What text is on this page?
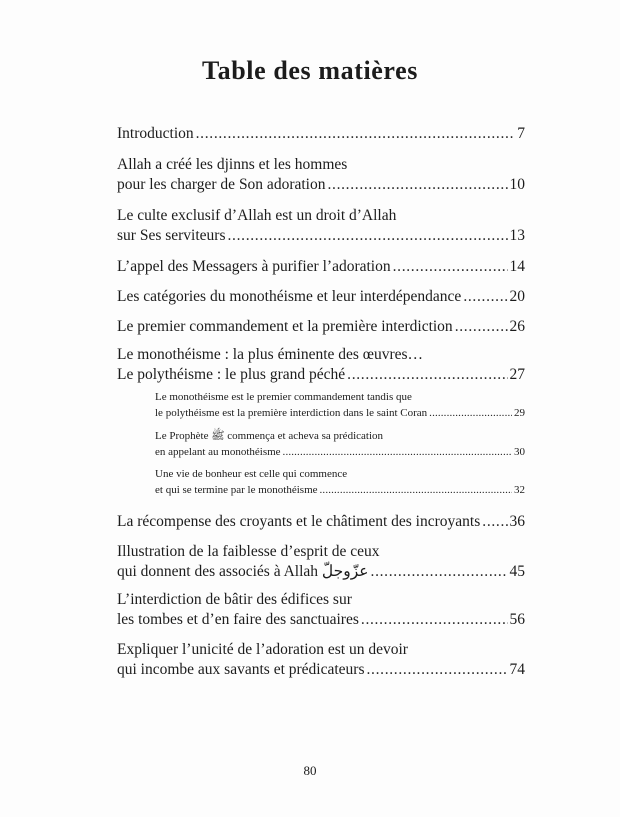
Table des matières
Introduction . . .	7
Allah a créé les djinns et les hommes
pour les charger de Son adoration . . .	10
Le culte exclusif d’Allah est un droit d’Allah
sur Ses serviteurs . . .	13
L’appel des Messagers à purifier l’adoration . . .	14
Les catégories du monothéisme et leur interdépendance . . .	20
Le premier commandement et la première interdiction . . .	26
Le monothéisme : la plus éminente des œuvres…
Le polythéisme : le plus grand péché . . .	27
Le monothéisme est le premier commandement tandis que
le polythéisme est la première interdiction dans le saint Coran . . .	29
Le Prophète ﷺ commença et acheva sa prédication
en appelant au monothéisme . . .	30
Une vie de bonheur est celle qui commence
et qui se termine par le monothéisme . . .	32
La récompense des croyants et le châtiment des incroyants . . . 36
Illustration de la faiblesse d’esprit de ceux
qui donnent des associés à Allah عزّوجلّ . . .	45
L’interdiction de bâtir des édifices sur
les tombes et d’en faire des sanctuaires . . .	56
Expliquer l’unicité de l’adoration est un devoir
qui incombe aux savants et prédicateurs . . .	74
80
